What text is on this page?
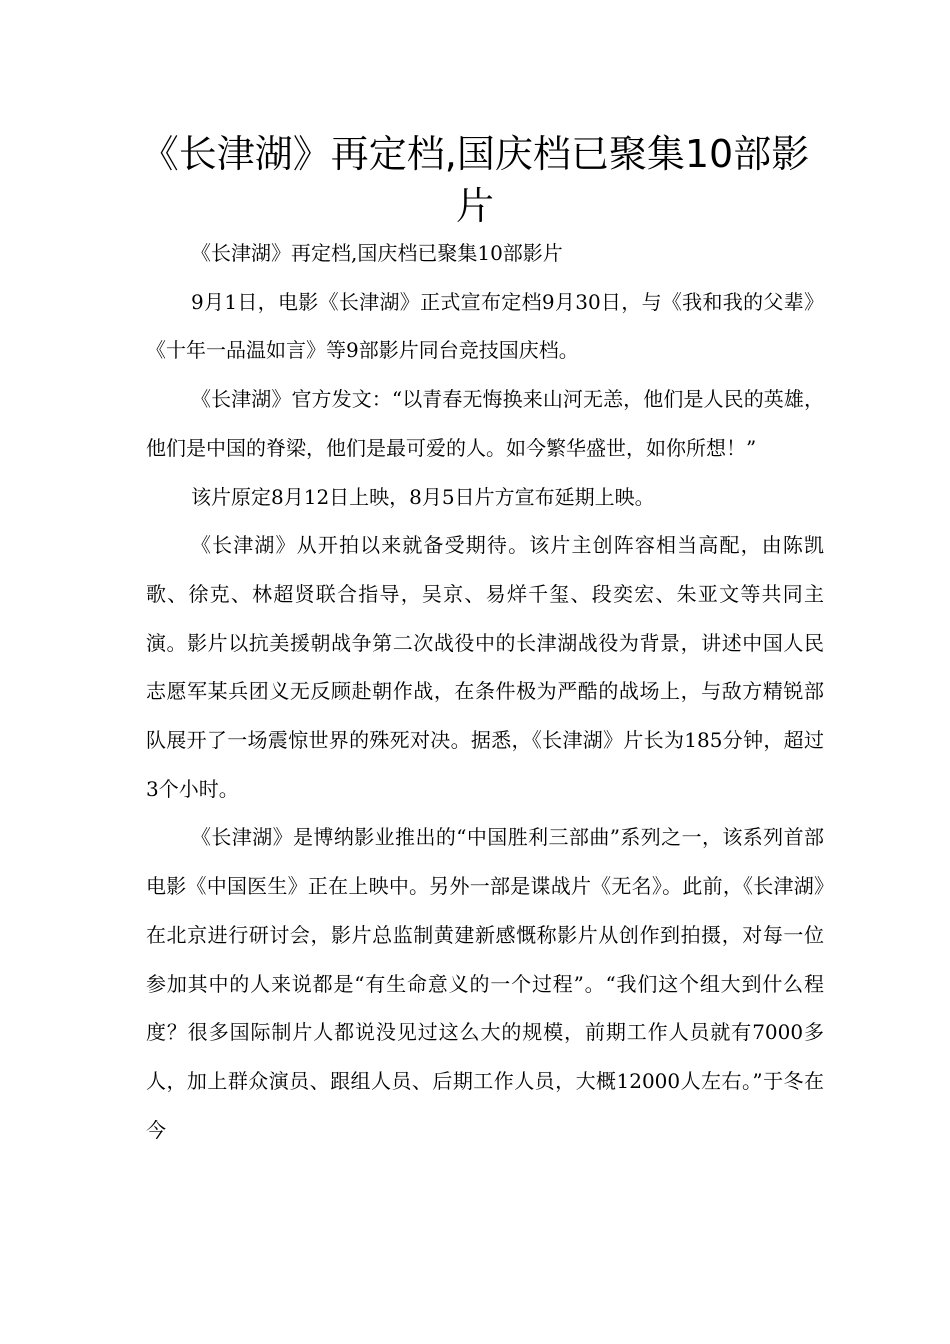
《长津湖》再定档,国庆档已聚集10部影片

《长津湖》再定档,国庆档已聚集10部影片

9月1日，电影《长津湖》正式宣布定档9月30日，与《我和我的父辈》《十年一品温如言》等9部影片同台竞技国庆档。

《长津湖》官方发文：“以青春无悔换来山河无恙，他们是人民的英雄，他们是中国的脊梁，他们是最可爱的人。如今繁华盛世，如你所想！”

该片原定8月12日上映，8月5日片方宣布延期上映。

《长津湖》从开拍以来就备受期待。该片主创阵容相当高配，由陈凯歌、徐克、林超贤联合指导，吴京、易烊千玺、段奕宏、朱亚文等共同主演。影片以抗美援朝战争第二次战役中的长津湖战役为背景，讲述中国人民志愿军某兵团义无反顾赴朝作战，在条件极为严酷的战场上，与敌方精锐部队展开了一场震惊世界的殊死对决。据悉，《长津湖》片长为185分钟，超过3个小时。

《长津湖》是博纳影业推出的“中国胜利三部曲”系列之一，该系列首部电影《中国医生》正在上映中。另外一部是谍战片《无名》。此前，《长津湖》在北京进行研讨会，影片总监制黄建新感慨称影片从创作到拍摄，对每一位参加其中的人来说都是“有生命意义的一个过程”。“我们这个组大到什么程度？很多国际制片人都说没见过这么大的规模，前期工作人员就有7000多人，加上群众演员、跟组人员、后期工作人员，大概12000人左右。”于冬在今
